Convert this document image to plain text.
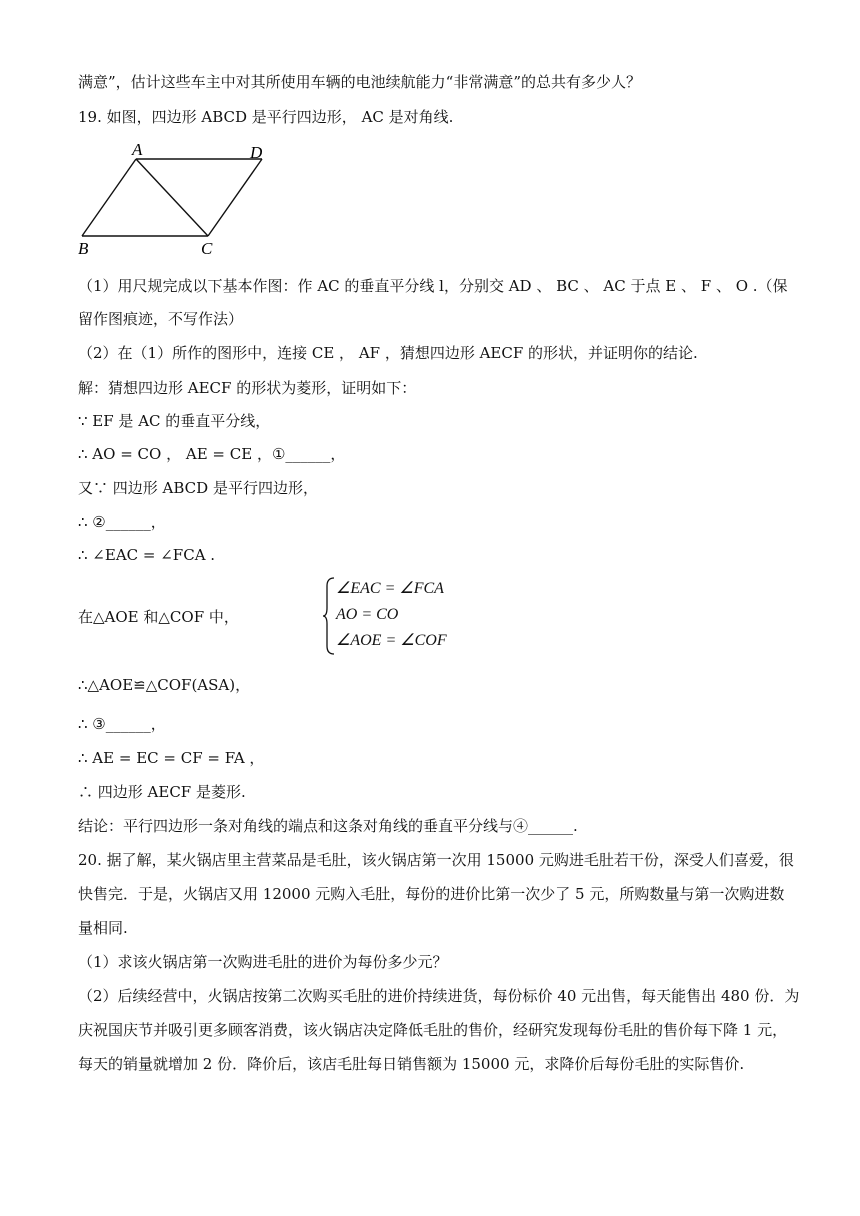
满意”，估计这些车主中对其所使用车辆的电池续航能力“非常满意”的总共有多少人？
19. 如图，四边形 ABCD 是平行四边形， AC 是对角线.
A	D
B	C
（1）用尺规完成以下基本作图：作 AC 的垂直平分线 l，分别交 AD 、 BC 、 AC 于点 E 、 F 、 O .（保
留作图痕迹，不写作法）
（2）在（1）所作的图形中，连接 CE ， AF ，猜想四边形 AECF 的形状，并证明你的结论.
解：猜想四边形 AECF 的形状为菱形，证明如下：
∵ EF 是 AC 的垂直平分线，
∴ AO = CO ， AE = CE ，①______，
又∵ 四边形 ABCD 是平行四边形，
∴ ②______，
∴ ∠EAC = ∠FCA .
在△AOE 和△COF 中，
∠EAC = ∠FCA
AO = CO
∠AOE = ∠COF
∴△AOE≌△COF(ASA)，
∴ ③______，
∴ AE = EC = CF = FA ，
∴ 四边形 AECF 是菱形.
结论：平行四边形一条对角线的端点和这条对角线的垂直平分线与④______.
20. 据了解，某火锅店里主营菜品是毛肚，该火锅店第一次用 15000 元购进毛肚若干份，深受人们喜爱，很
快售完．于是，火锅店又用 12000 元购入毛肚，每份的进价比第一次少了 5 元，所购数量与第一次购进数
量相同.
（1）求该火锅店第一次购进毛肚的进价为每份多少元？
（2）后续经营中，火锅店按第二次购买毛肚的进价持续进货，每份标价 40 元出售，每天能售出 480 份．为
庆祝国庆节并吸引更多顾客消费，该火锅店决定降低毛肚的售价，经研究发现每份毛肚的售价每下降 1 元，
每天的销量就增加 2 份．降价后，该店毛肚每日销售额为 15000 元，求降价后每份毛肚的实际售价.
